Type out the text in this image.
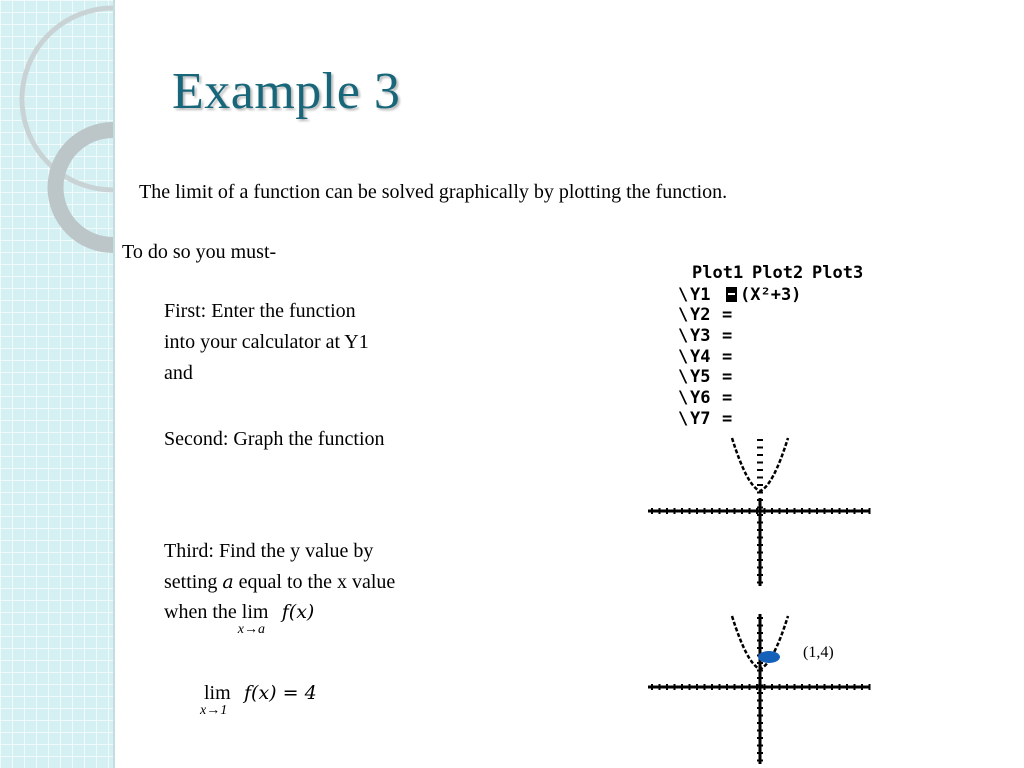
Example 3

The limit of a function can be solved graphically by plotting the function.

To do so you must-

First: Enter the function

into your calculator at Y1

and

Second: Graph the function

Third: Find the y value by

setting a equal to the x value

when the lim
x→a
f(x)

lim
x→1
f(x) = 4

Plot1 Plot2 Plot3
\ Y1 (X²+3)
\ Y2 =
\ Y3 =
\ Y4 =
\ Y5 =
\ Y6 =
\ Y7 =
(1,4)
